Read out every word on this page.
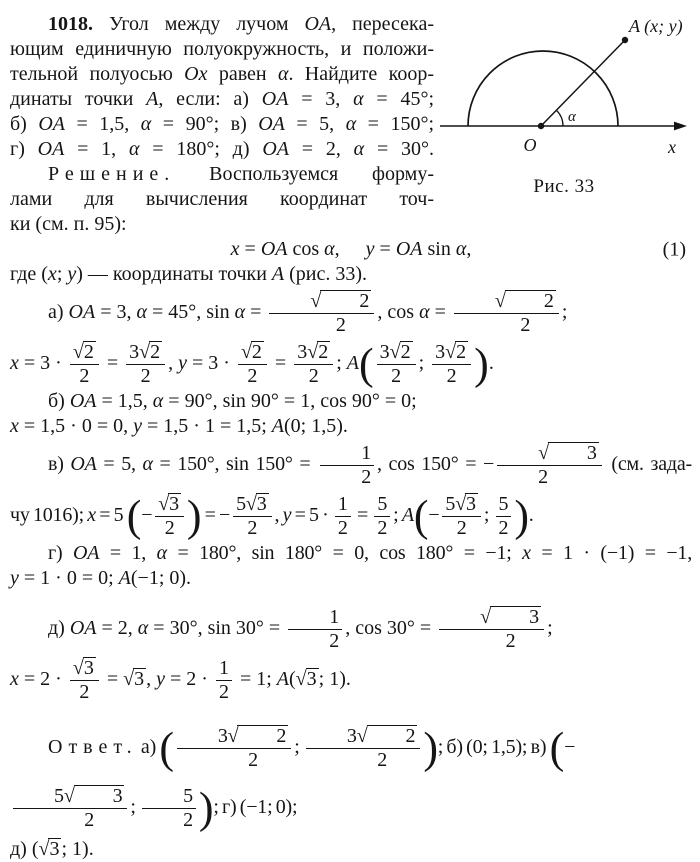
1018. Угол между лучом OA, пересека-
ющим единичную полуокружность, и положи-
тельной полуосью Ox равен α. Найдите коор-
динаты точки A, если: а) OA = 3, α = 45°;
б) OA = 1,5, α = 90°; в) OA = 5, α = 150°;
г) OA = 1, α = 180°; д) OA = 2, α = 30°.
Решение. Воспользуемся форму-
лами для вычисления координат точ-
A (x; y)
O	x
α
Рис. 33
ки (см. п. 95):
x = OA cos α, y = OA sin α,	(1)
где (x; y) — координаты точки A (рис. 33).
а) OA = 3, α = 45°, $\sin \alpha = \frac{√ 2}{2}$ , $\cos \alpha = \frac{√ 2}{2}$ ;
$x = 3 \cdot \frac{√2}{2} = \frac{3√2}{2}$ , $y = 3 \cdot \frac{√2}{2} = \frac{3√2}{2}$ ; $A( \frac{3√2}{2}$ ; $\frac{3√2}{2}$ ).
б) OA = 1,5, α = 90°, sin 90° = 1, cos 90° = 0;
x = 1,5 · 0 = 0, y = 1,5 · 1 = 1,5; A(0; 1,5).
в) OA = 5, α = 150°, $\sin 150^\circ = \frac{1}{2}$ , cos 150° = − $\frac{√ 3}{2} (см$. зада-
чу 1016); x = 5 (− $\frac{√3}{2}$ ) = − $\frac{5√3}{2}$ , $y = 5 \cdot \frac{1}{2} = \frac{5}{2}$ ; $A(- \frac{5√3}{2}$ ; $\frac{5}{2}$ ).
г) OA = 1, α = 180°, sin 180° = 0, cos 180° = −1; x = 1 · (−1) = −1,
y = 1 · 0 = 0; A(−1; 0).
д) OA = 2, α = 30°, $\sin 30^\circ = \frac{1}{2}$ , $\cos 30^\circ = \frac{√ 3}{2}$ ;
$x = 2 \cdot \frac{√3}{2} = √3$ , $y = 2 \cdot \frac{1}{2} = 1$; A(√3 ; 1).
Ответ. а) ( $\frac{3√ 2}{2}$ ; $\frac{3√ 2}{2}$ ); б) (0; 1,5); в) (−
$\frac{5√ 3}{2}$ ; $\frac{5}{2}$ ); г) (−1; 0);
д) (√3 ; 1).
